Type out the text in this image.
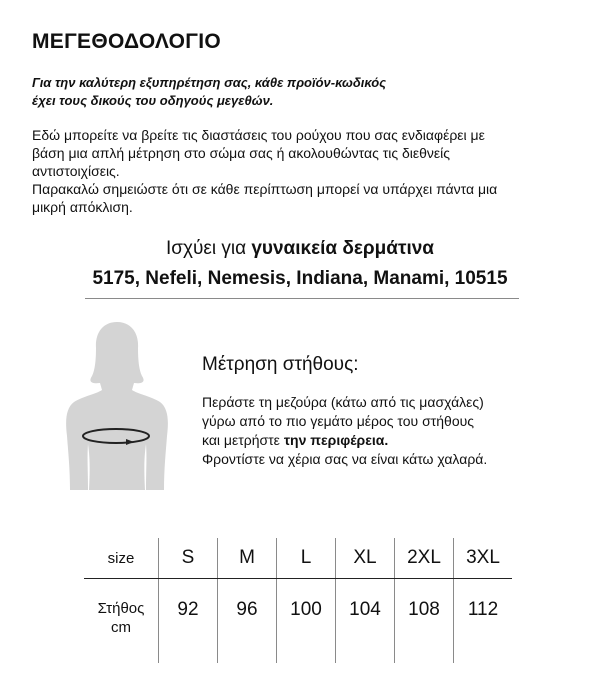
ΜΕΓΕΘΟΔΟΛΟΓΙΟ
Για την καλύτερη εξυπηρέτηση σας, κάθε προϊόν-κωδικός
έχει τους δικούς του οδηγούς μεγεθών.

Εδώ μπορείτε να βρείτε τις διαστάσεις του ρούχου που σας ενδιαφέρει με

βάση μια απλή μέτρηση στο σώμα σας ή ακολουθώντας τις διεθνείς

αντιστοιχίσεις.

Παρακαλώ σημειώστε ότι σε κάθε περίπτωση μπορεί να υπάρχει πάντα μια

μικρή απόκλιση.

Ισχύει για γυναικεία δερμάτινα
5175, Nefeli, Nemesis, Indiana, Manami, 10515
Μέτρηση στήθους:
Περάστε τη μεζούρα (κάτω από τις μασχάλες)
γύρω από το πιο γεμάτο μέρος του στήθους
και μετρήστε την περιφέρεια.
Φροντίστε να χέρια σας να είναι κάτω χαλαρά.
size	S	M	L	XL	2XL	3XL

Στήθος
cm	92	96	100	104	108	112
